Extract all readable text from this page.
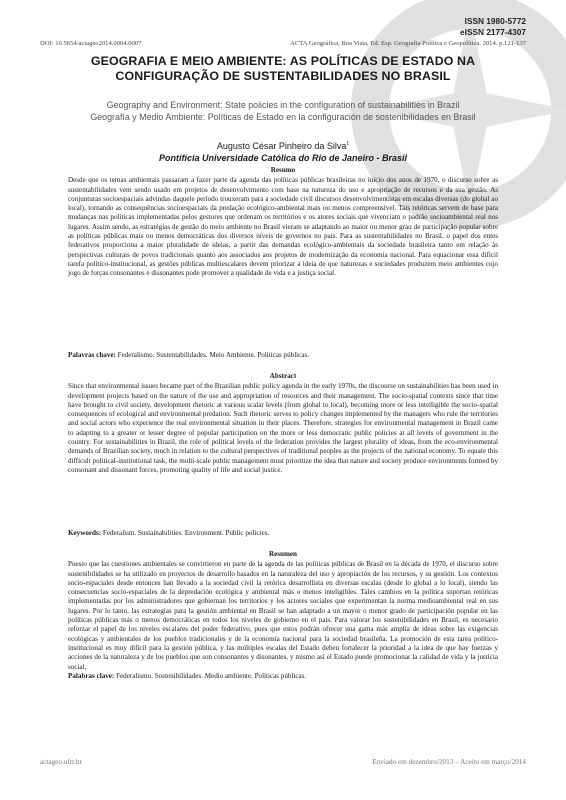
ISSN 1980-5772
eISSN 2177-4307
DOI: 10.5654/actageo2014.0004.0007	ACTA Geográfica, Boa Vista, Ed. Esp. Geografia Política e Geopolítica, 2014. p.121-137
GEOGRAFIA E MEIO AMBIENTE: AS POLÍTICAS DE ESTADO NA
CONFIGURAÇÃO DE SUSTENTABILIDADES NO BRASIL
Geography and Environment: State policies in the configuration of sustainabilities in Brazil
Geografía y Medio Ambiente: Políticas de Estado en la configuración de sostenibilidades en Brasil
Augusto César Pinheiro da Silva$^1$
Pontifícia Universidade Católica do Rio de Janeiro - Brasil
Resumo

Desde que os temas ambientais passaram a fazer parte da agenda das políticas públicas brasileiras no início dos anos de 1970, o discurso sobre as sustentabilidades vem sendo usado em projetos de desenvolvimento com base na natureza do uso e apropriação de recursos e da sua gestão. As conjunturas socioespaciais advindas daquele período trouxeram para a sociedade civil discursos desenvolvimentistas em escalas diversas (do global ao local), tornando as consequências socioespaciais da predação ecológico-ambiental mais ou menos compreensível. Tais retóricas servem de base para mudanças nas políticas implementadas pelos gestores que ordenam os territórios e os atores sociais que vivenciam o padrão socioambiental real nos lugares. Assim sendo, as estratégias de gestão do meio ambiente no Brasil vieram se adaptando ao maior ou menor grau de participação popular sobre as políticas públicas mais ou menos democráticas dos diversos níveis de governos no país. Para as sustentabilidades no Brasil, o papel dos entes federativos proporciona a maior pluralidade de ideias, a partir das demandas ecológico-ambientais da sociedade brasileira tanto em relação às perspectivas culturais de povos tradicionais quanto aos associados aos projetos de modernização da economia nacional. Para equacionar essa difícil tarefa político-institucional, as gestões públicas multiescalares devem priorizar a ideia de que naturezas e sociedades produzem meio ambientes cujo jogo de forças consonantes e dissonantes pode promover a qualidade de vida e a justiça social.

Palavras chave: Federalismo. Sustentabilidades. Meio Ambiente. Políticas públicas.
Abstract

Since that environmental issues became part of the Brazilian public policy agenda in the early 1970s, the discourse on sustainabilities has been used in development projects based on the nature of the use and appropriation of resources and their management. The socio-spatial contexts since that time have brought to civil society, development rhetoric at various scalar levels (from global to local), becoming more or less intelligible the socio-spatial consequences of ecological and environmental predation. Such rhetoric serves to policy changes implemented by the managers who rule the territories and social actors who experience the real environmental situation in their places. Therefore, strategies for environmental management in Brazil came to adapting to a greater or lesser degree of popular participation on the more or less democratic public policies at all levels of government in the country. For sustainabilities in Brazil, the role of political levels of the federation provides the largest plurality of ideas, from the eco-environmental demands of Brazilian society, much in relation to the cultural perspectives of traditional peoples as the projects of the national economy. To equate this difficult political-institutional task, the multi-scale public management must prioritize the idea that nature and society produce environments formed by consonant and dissonant forces, promoting quality of life and social justice.

Keywords: Federalism. Sustainabilities. Environment. Public policies.
Resumen

Puesto que las cuestiones ambientales se convirtieron en parte de la agenda de las políticas públicas de Brasil en la década de 1970, el discurso sobre sostenibilidades se ha utilizado en proyectos de desarrollo basados en la naturaleza del uso y apropiación de los recursos, y su gestión. Los contextos socio-espaciales desde entonces han llevado a la sociedad civil la retórica desarrollista en diversas escalas (desde lo global a lo local), siendo las consecuencias socio-espaciales de la depredación ecológica y ambiental más o menos inteligibles. Tales cambios en la política suportan retóricas implementadas por los administradores que gobiernan los territorios y los actores sociales que experimentan la norma medioambiental real en sus lugares. Por lo tanto, las estrategias para la gestión ambiental en Brasil se han adaptado a un mayor o menor grado de participación popular en las políticas públicas más o menos democráticas en todos los niveles de gobierno en el país. Para valorar los sostenibilidades en Brasil, es necesario reforzar el papel de los niveles escalares del poder federativo, pues que estos podrán ofrecer una gama más amplia de ideas sobre las exigencias ecológicas y ambientales de los pueblos tradicionales y de la economía nacional para la sociedad brasileña. La promoción de esta tarea político-institucional es muy difícil para la gestión pública, y las múltiples escalas del Estado deben fortalecer la prioridad a la idea de que hay fuerzas y acciones de la naturaleza y de los pueblos que son consonantes y disonantes, y mismo así el Estado puede promocionar la calidad de vida y la justicia social.

Palabras clave: Federalismo. Sostenibilidades. Medio ambiente. Políticas públicas.
actageo.ufrr.br	Enviado em dezembro/2013 – Aceito em março/2014
